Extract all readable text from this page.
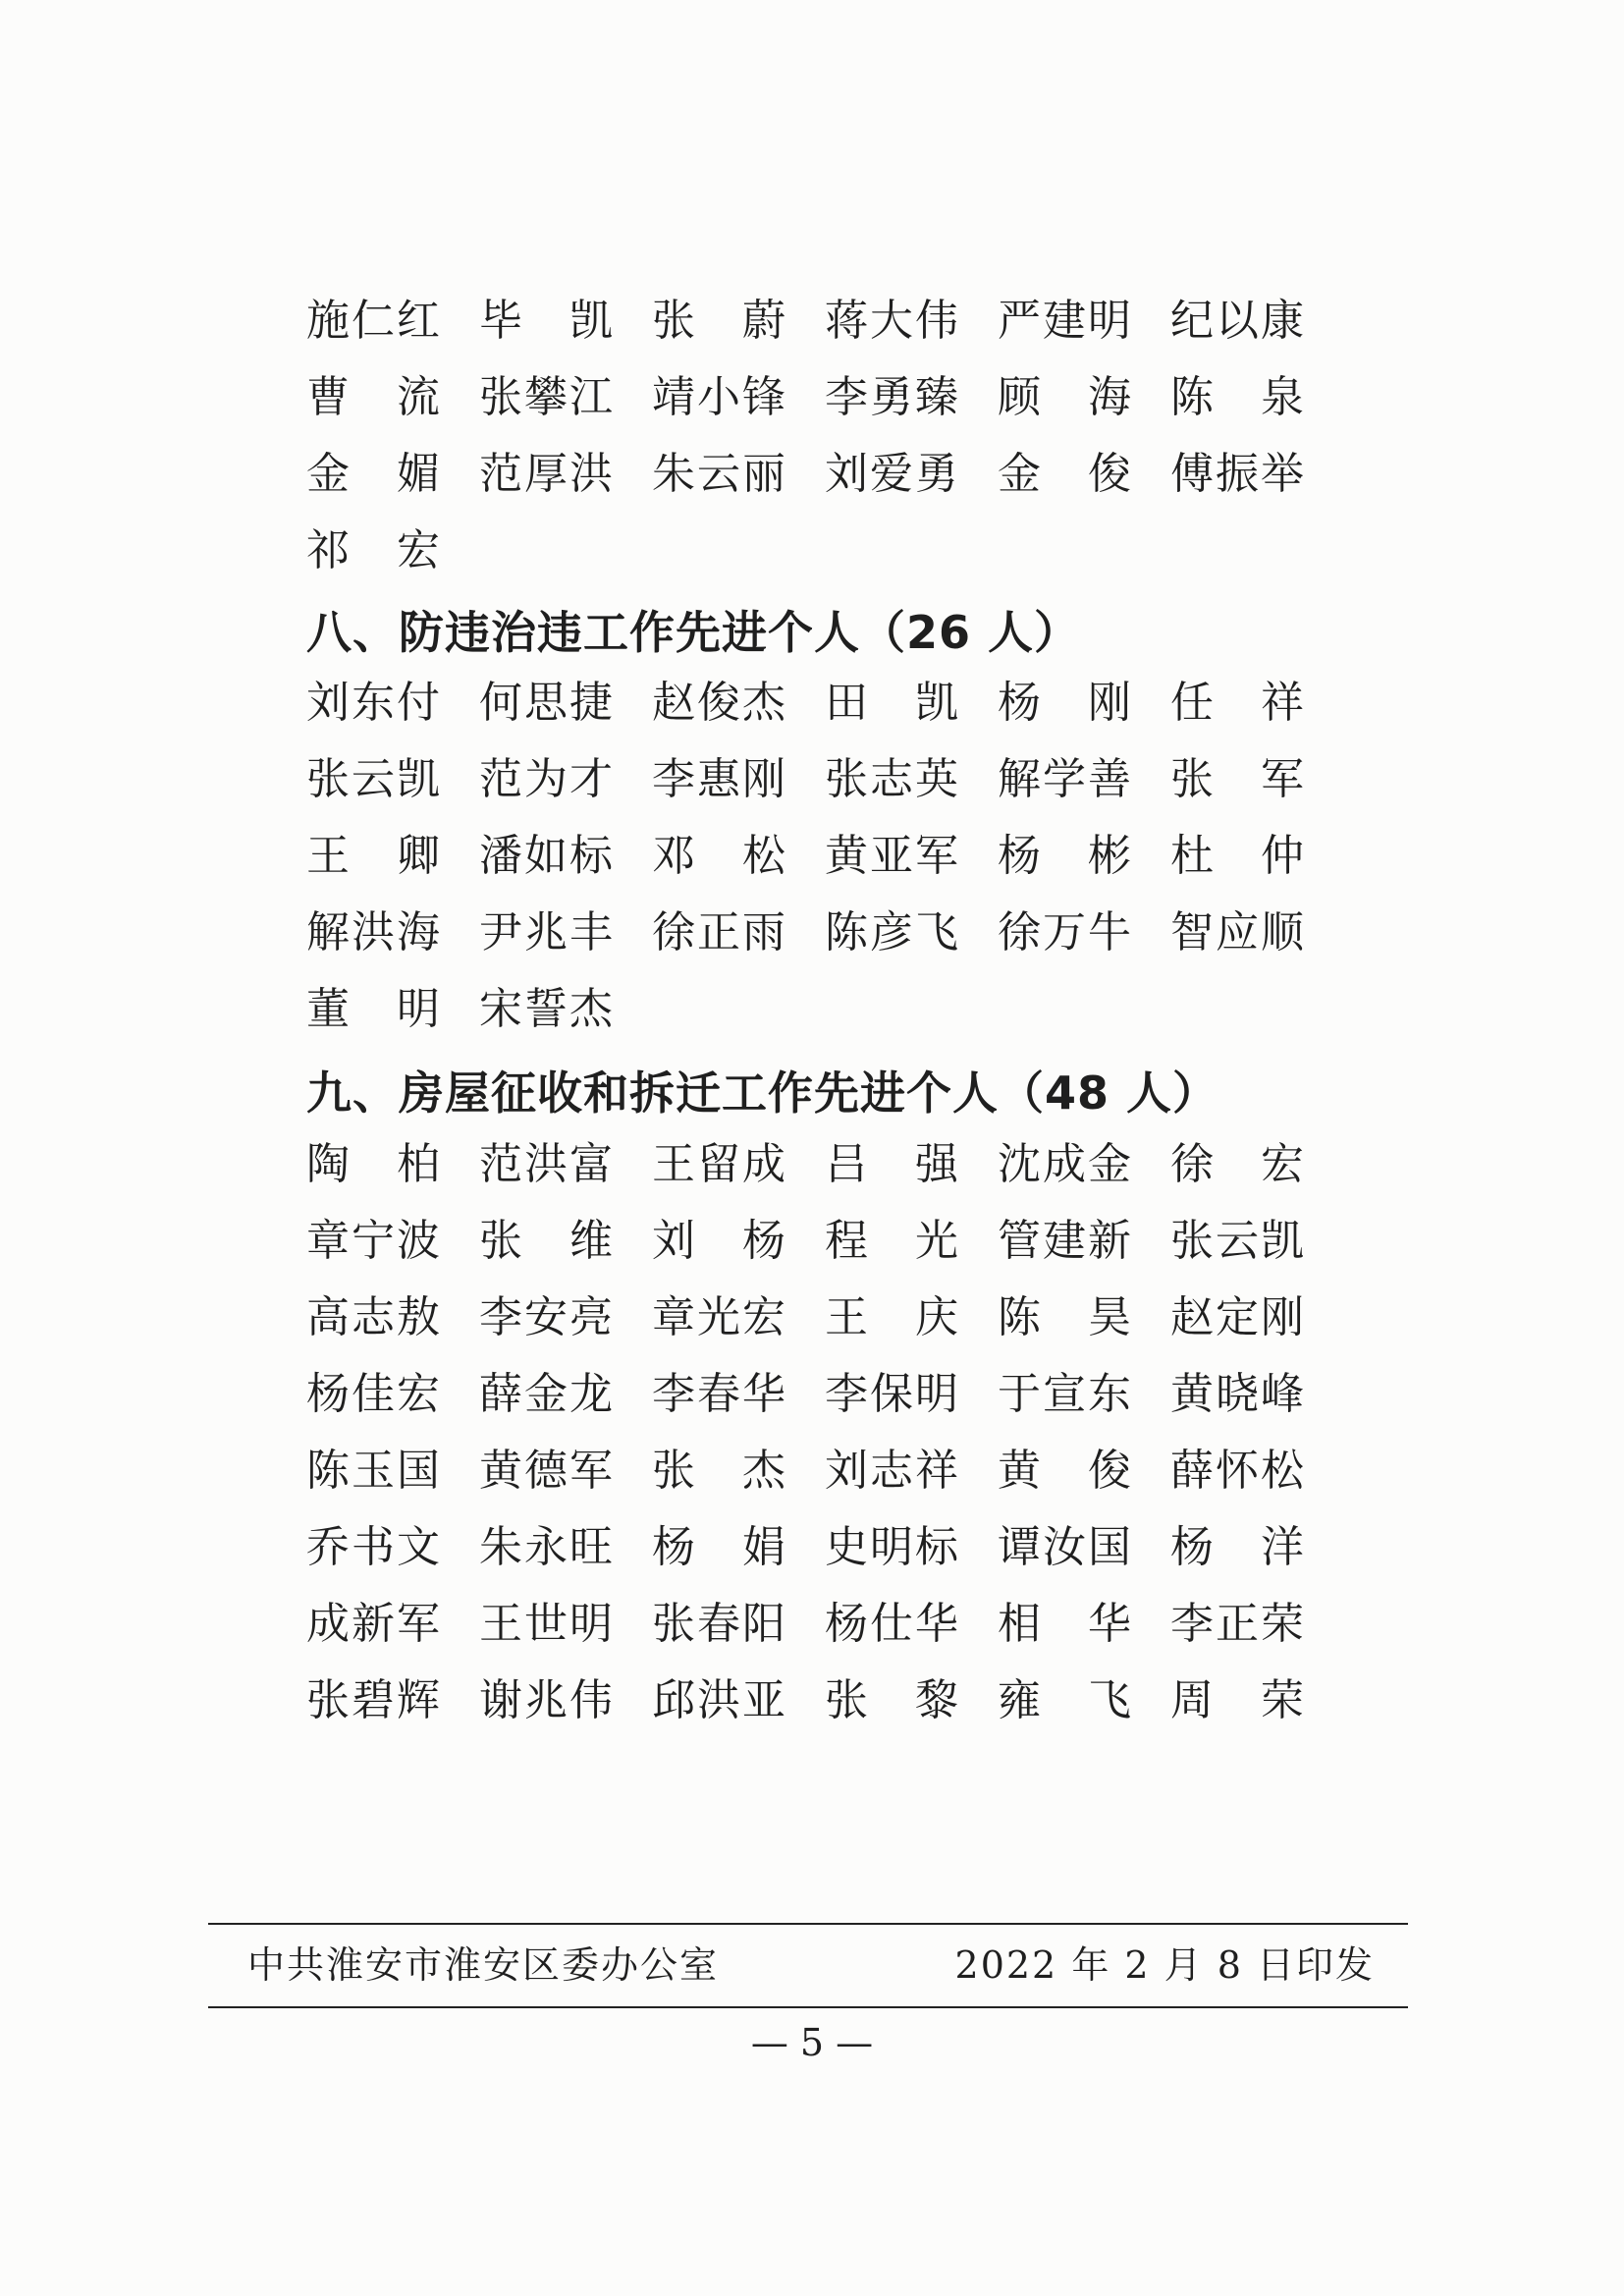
施仁红 毕　凯 张　蔚 蒋大伟 严建明 纪以康
曹　流 张攀江 靖小锋 李勇臻 顾　海 陈　泉
金　媚 范厚洪 朱云丽 刘爱勇 金　俊 傅振举
祁　宏
八、防违治违工作先进个人（26 人）
刘东付 何思捷 赵俊杰 田　凯 杨　刚 任　祥
张云凯 范为才 李惠刚 张志英 解学善 张　军
王　卿 潘如标 邓　松 黄亚军 杨　彬 杜　仲
解洪海 尹兆丰 徐正雨 陈彦飞 徐万牛 智应顺
董　明 宋誓杰
九、房屋征收和拆迁工作先进个人（48 人）
陶　柏 范洪富 王留成 吕　强 沈成金 徐　宏
章宁波 张　维 刘　杨 程　光 管建新 张云凯
高志敖 李安亮 章光宏 王　庆 陈　昊 赵定刚
杨佳宏 薛金龙 李春华 李保明 于宣东 黄晓峰
陈玉国 黄德军 张　杰 刘志祥 黄　俊 薛怀松
乔书文 朱永旺 杨　娟 史明标 谭汝国 杨　洋
成新军 王世明 张春阳 杨仕华 相　华 李正荣
张碧辉 谢兆伟 邱洪亚 张　黎 雍　飞 周　荣
中共淮安市淮安区委办公室	2022 年 2 月 8 日印发
— 5 —
